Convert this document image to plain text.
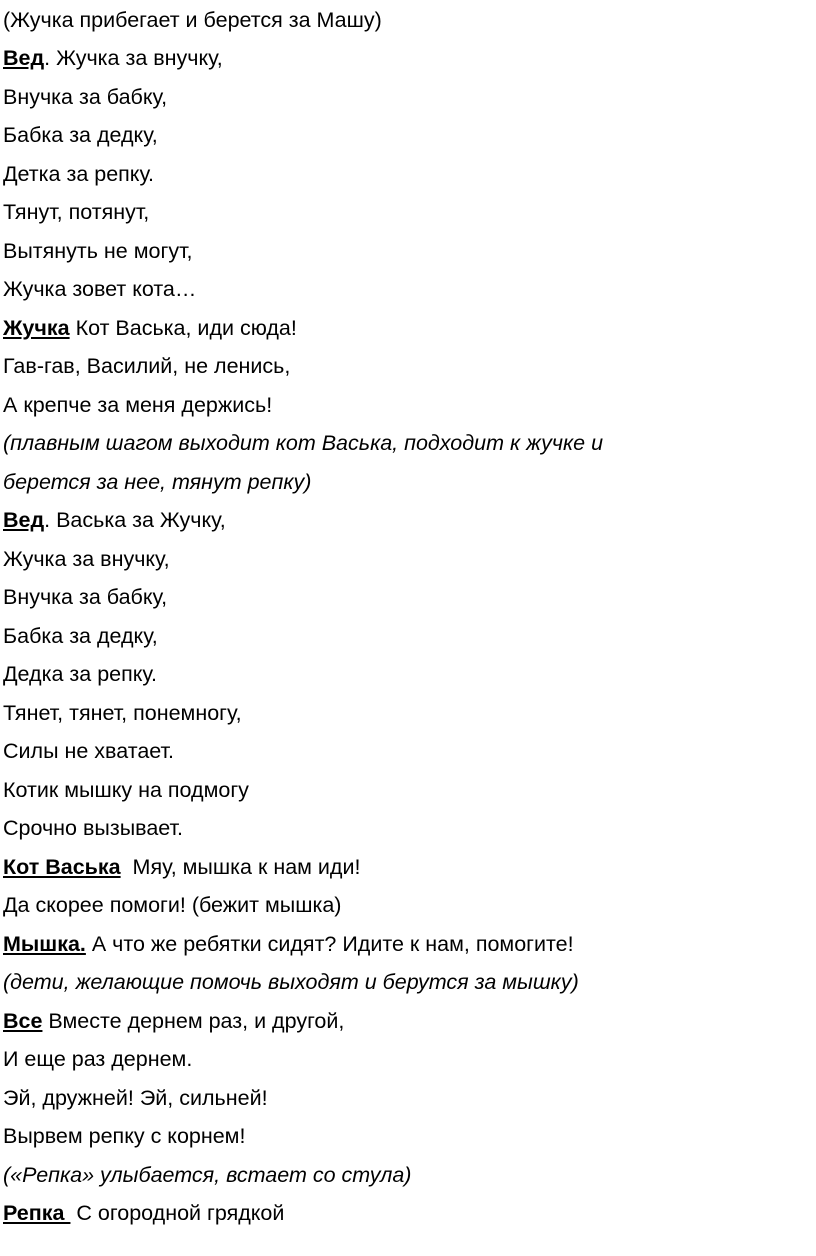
(Жучка прибегает и берется за Машу)
Вед. Жучка за внучку,
Внучка за бабку,
Бабка за дедку,
Детка за репку.
Тянут, потянут,
Вытянуть не могут,
Жучка зовет кота…
Жучка Кот Васька, иди сюда!
Гав-гав, Василий, не ленись,
А крепче за меня держись!
(плавным шагом выходит кот Васька, подходит к жучке и
берется за нее, тянут репку)
Вед. Васька за Жучку,
Жучка за внучку,
Внучка за бабку,
Бабка за дедку,
Дедка за репку.
Тянет, тянет, понемногу,
Силы не хватает.
Котик мышку на подмогу
Срочно вызывает.
Кот Васька  Мяу, мышка к нам иди!
Да скорее помоги! (бежит мышка)
Мышка. А что же ребятки сидят? Идите к нам, помогите!
(дети, желающие помочь выходят и берутся за мышку)
Все Вместе дернем раз, и другой,
И еще раз дернем.
Эй, дружней! Эй, сильней!
Вырвем репку с корнем!
(«Репка» улыбается, встает со стула)
Репка  С огородной грядкой
